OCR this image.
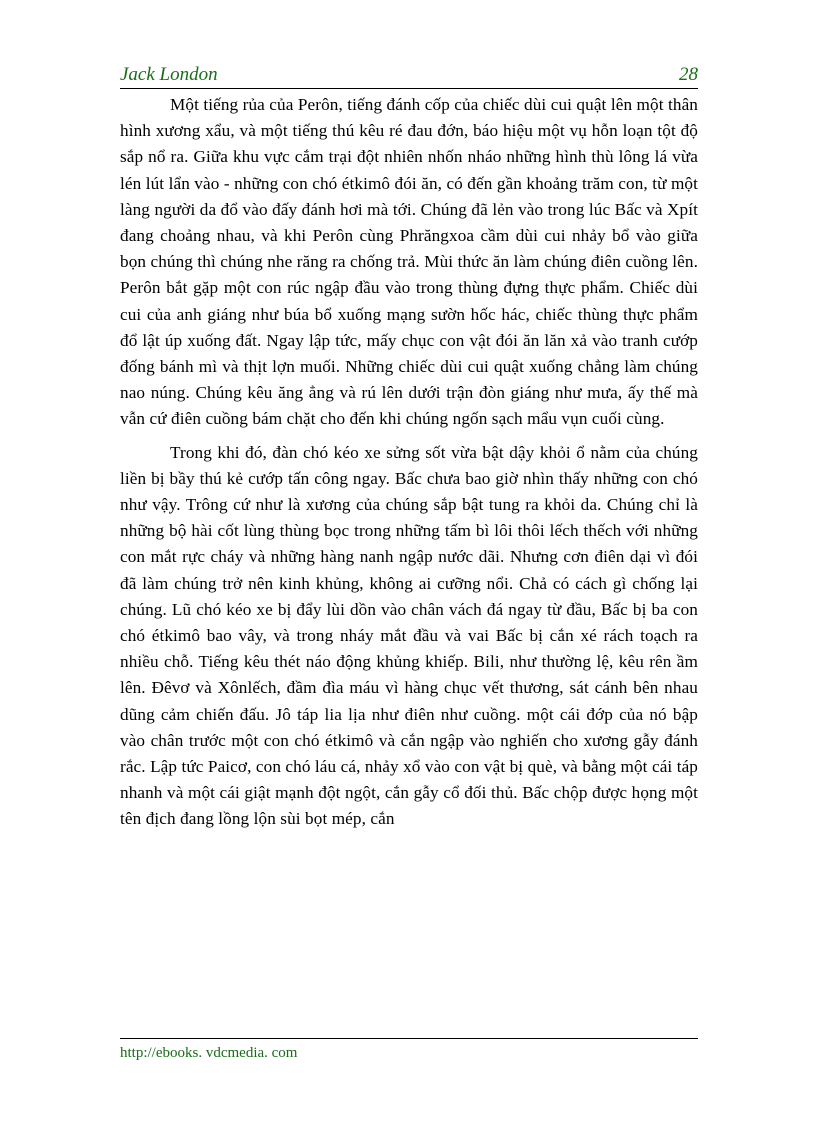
Jack London	28

Một tiếng rủa của Perôn, tiếng đánh cốp của chiếc dùi cui quật lên một thân hình xương xẩu, và một tiếng thú kêu ré đau đớn, báo hiệu một vụ hỗn loạn tột độ sắp nổ ra. Giữa khu vực cắm trại đột nhiên nhốn nháo những hình thù lông lá vừa lén lút lẩn vào - những con chó étkimô đói ăn, có đến gần khoảng trăm con, từ một làng người da đổ vào đấy đánh hơi mà tới. Chúng đã lẻn vào trong lúc Bấc và Xpít đang choảng nhau, và khi Perôn cùng Phrăngxoa cầm dùi cui nhảy bổ vào giữa bọn chúng thì chúng nhe răng ra chống trả. Mùi thức ăn làm chúng điên cuồng lên. Perôn bắt gặp một con rúc ngập đầu vào trong thùng đựng thực phẩm. Chiếc dùi cui của anh giáng như búa bổ xuống mạng sườn hốc hác, chiếc thùng thực phẩm đổ lật úp xuống đất. Ngay lập tức, mấy chục con vật đói ăn lăn xả vào tranh cướp đống bánh mì và thịt lợn muối. Những chiếc dùi cui quật xuống chẳng làm chúng nao núng. Chúng kêu ăng ẳng và rú lên dưới trận đòn giáng như mưa, ấy thế mà vẫn cứ điên cuồng bám chặt cho đến khi chúng ngốn sạch mẩu vụn cuối cùng.

Trong khi đó, đàn chó kéo xe sửng sốt vừa bật dậy khỏi ổ nằm của chúng liền bị bầy thú kẻ cướp tấn công ngay. Bấc chưa bao giờ nhìn thấy những con chó như vậy. Trông cứ như là xương của chúng sắp bật tung ra khỏi da. Chúng chỉ là những bộ hài cốt lùng thùng bọc trong những tấm bì lôi thôi lếch thếch với những con mắt rực cháy và những hàng nanh ngập nước dãi. Nhưng cơn điên dại vì đói đã làm chúng trở nên kinh khủng, không ai cưỡng nổi. Chả có cách gì chống lại chúng. Lũ chó kéo xe bị đẩy lùi dồn vào chân vách đá ngay từ đầu, Bấc bị ba con chó étkimô bao vây, và trong nháy mắt đầu và vai Bấc bị cắn xé rách toạch ra nhiều chỗ. Tiếng kêu thét náo động khủng khiếp. Bili, như thường lệ, kêu rên ầm lên. Đêvơ và Xônlếch, đầm đìa máu vì hàng chục vết thương, sát cánh bên nhau dũng cảm chiến đấu. Jô táp lia lịa như điên như cuồng. một cái đớp của nó bập vào chân trước một con chó étkimô và cắn ngập vào nghiến cho xương gẫy đánh rắc. Lập tức Paicơ, con chó láu cá, nhảy xổ vào con vật bị què, và bằng một cái táp nhanh và một cái giật mạnh đột ngột, cắn gẫy cổ đối thủ. Bấc chộp được họng một tên địch đang lồng lộn sùi bọt mép, cắn

http://ebooks. vdcmedia. com
